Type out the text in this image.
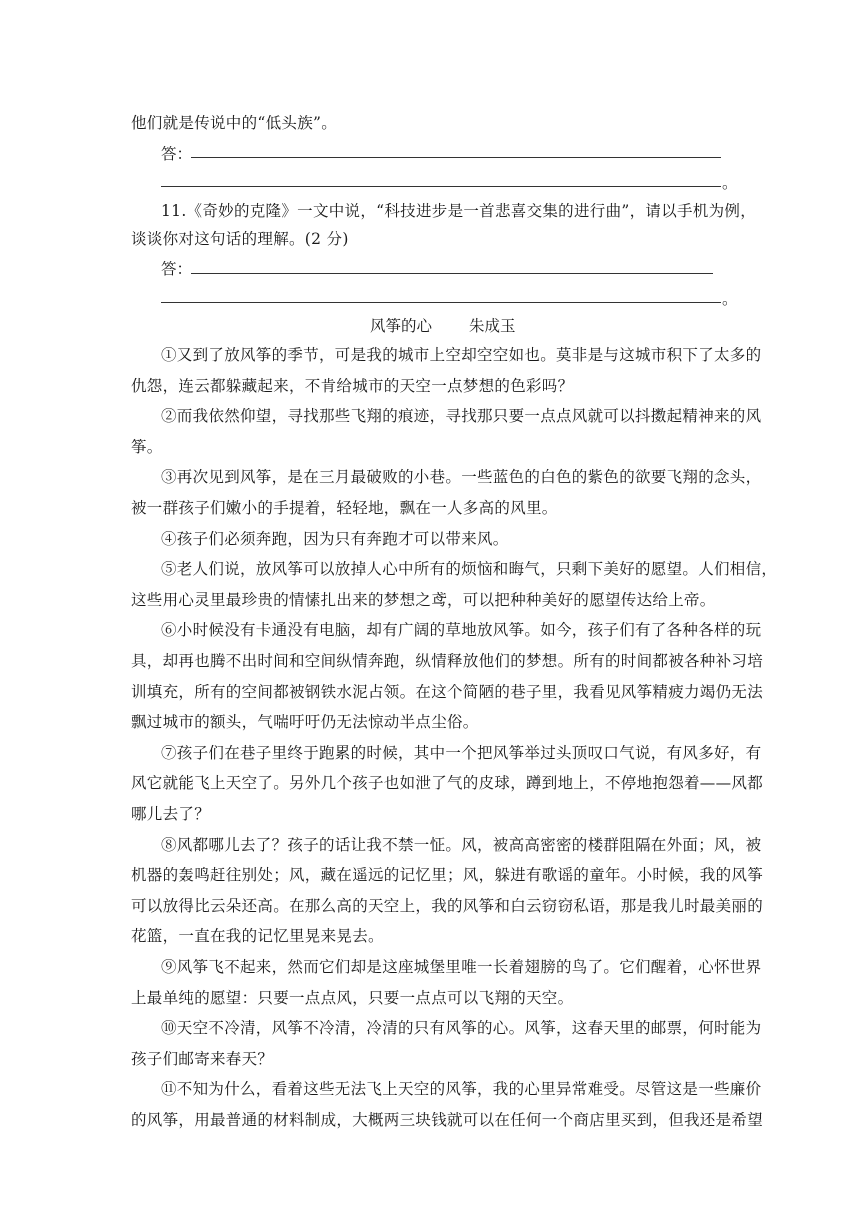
他们就是传说中的“低头族”。
答：
。
11.《奇妙的克隆》一文中说，“科技进步是一首悲喜交集的进行曲”，请以手机为例，
谈谈你对这句话的理解。(2 分)
答：
。
风筝的心 朱成玉
①又到了放风筝的季节，可是我的城市上空却空空如也。莫非是与这城市积下了太多的
仇怨，连云都躲藏起来，不肯给城市的天空一点梦想的色彩吗？
②而我依然仰望，寻找那些飞翔的痕迹，寻找那只要一点点风就可以抖擞起精神来的风
筝。
③再次见到风筝，是在三月最破败的小巷。一些蓝色的白色的紫色的欲要飞翔的念头，
被一群孩子们嫩小的手提着，轻轻地，飘在一人多高的风里。
④孩子们必须奔跑，因为只有奔跑才可以带来风。
⑤老人们说，放风筝可以放掉人心中所有的烦恼和晦气，只剩下美好的愿望。人们相信，
这些用心灵里最珍贵的情愫扎出来的梦想之鸢，可以把种种美好的愿望传达给上帝。
⑥小时候没有卡通没有电脑，却有广阔的草地放风筝。如今，孩子们有了各种各样的玩
具，却再也腾不出时间和空间纵情奔跑，纵情释放他们的梦想。所有的时间都被各种补习培
训填充，所有的空间都被钢铁水泥占领。在这个简陋的巷子里，我看见风筝精疲力竭仍无法
飘过城市的额头，气喘吁吁仍无法惊动半点尘俗。
⑦孩子们在巷子里终于跑累的时候，其中一个把风筝举过头顶叹口气说，有风多好，有
风它就能飞上天空了。另外几个孩子也如泄了气的皮球，蹲到地上，不停地抱怨着——风都
哪儿去了？
⑧风都哪儿去了？孩子的话让我不禁一怔。风，被高高密密的楼群阻隔在外面；风，被
机器的轰鸣赶往别处；风，藏在遥远的记忆里；风，躲进有歌谣的童年。小时候，我的风筝
可以放得比云朵还高。在那么高的天空上，我的风筝和白云窃窃私语，那是我儿时最美丽的
花篮，一直在我的记忆里晃来晃去。
⑨风筝飞不起来，然而它们却是这座城堡里唯一长着翅膀的鸟了。它们醒着，心怀世界
上最单纯的愿望：只要一点点风，只要一点点可以飞翔的天空。
⑩天空不冷清，风筝不冷清，冷清的只有风筝的心。风筝，这春天里的邮票，何时能为
孩子们邮寄来春天？
⑪不知为什么，看着这些无法飞上天空的风筝，我的心里异常难受。尽管这是一些廉价
的风筝，用最普通的材料制成，大概两三块钱就可以在任何一个商店里买到，但我还是希望
